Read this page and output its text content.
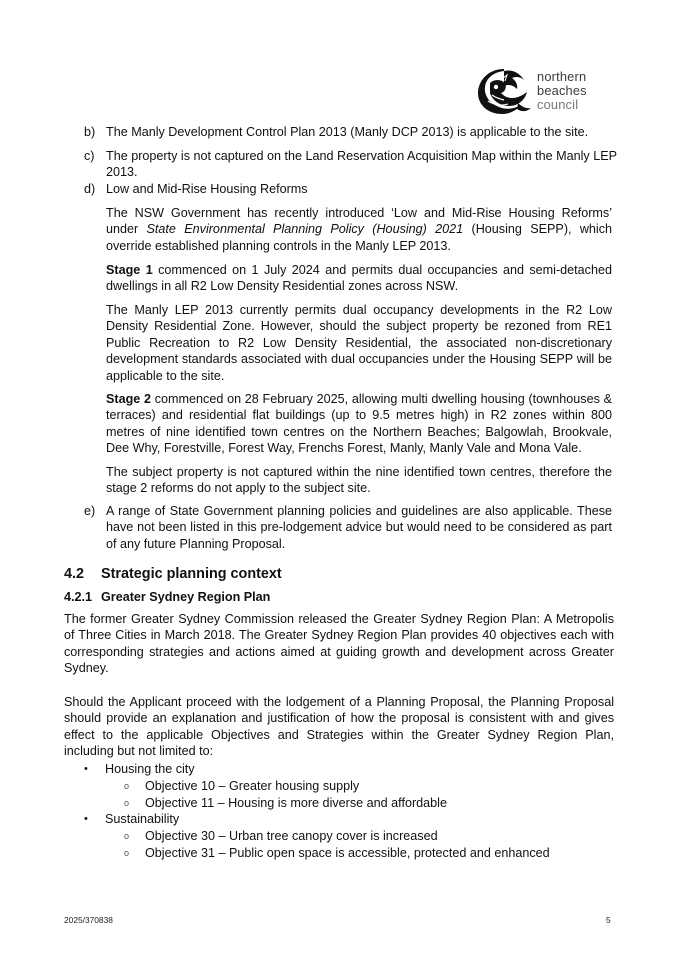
northern
beaches
council
b) The Manly Development Control Plan 2013 (Manly DCP 2013) is applicable to the site.
c) The property is not captured on the Land Reservation Acquisition Map within the Manly LEP 2013.
d) Low and Mid-Rise Housing Reforms

The NSW Government has recently introduced ‘Low and Mid-Rise Housing Reforms’ under State Environmental Planning Policy (Housing) 2021 (Housing SEPP), which override established planning controls in the Manly LEP 2013.

Stage 1 commenced on 1 July 2024 and permits dual occupancies and semi-detached dwellings in all R2 Low Density Residential zones across NSW.

The Manly LEP 2013 currently permits dual occupancy developments in the R2 Low Density Residential Zone. However, should the subject property be rezoned from RE1 Public Recreation to R2 Low Density Residential, the associated non-discretionary development standards associated with dual occupancies under the Housing SEPP will be applicable to the site.

Stage 2 commenced on 28 February 2025, allowing multi dwelling housing (townhouses & terraces) and residential flat buildings (up to 9.5 metres high) in R2 zones within 800 metres of nine identified town centres on the Northern Beaches; Balgowlah, Brookvale, Dee Why, Forestville, Forest Way, Frenchs Forest, Manly, Manly Vale and Mona Vale.

The subject property is not captured within the nine identified town centres, therefore the stage 2 reforms do not apply to the subject site.

e) A range of State Government planning policies and guidelines are also applicable. These have not been listed in this pre-lodgement advice but would need to be considered as part of any future Planning Proposal.
4.2 Strategic planning context
4.2.1 Greater Sydney Region Plan

The former Greater Sydney Commission released the Greater Sydney Region Plan: A Metropolis of Three Cities in March 2018. The Greater Sydney Region Plan provides 40 objectives each with corresponding strategies and actions aimed at guiding growth and development across Greater Sydney.

Should the Applicant proceed with the lodgement of a Planning Proposal, the Planning Proposal should provide an explanation and justification of how the proposal is consistent with and gives effect to the applicable Objectives and Strategies within the Greater Sydney Region Plan, including but not limited to:

• Housing the city
o Objective 10 – Greater housing supply
o Objective 11 – Housing is more diverse and affordable
• Sustainability
o Objective 30 – Urban tree canopy cover is increased
o Objective 31 – Public open space is accessible, protected and enhanced
2025/370838	5
